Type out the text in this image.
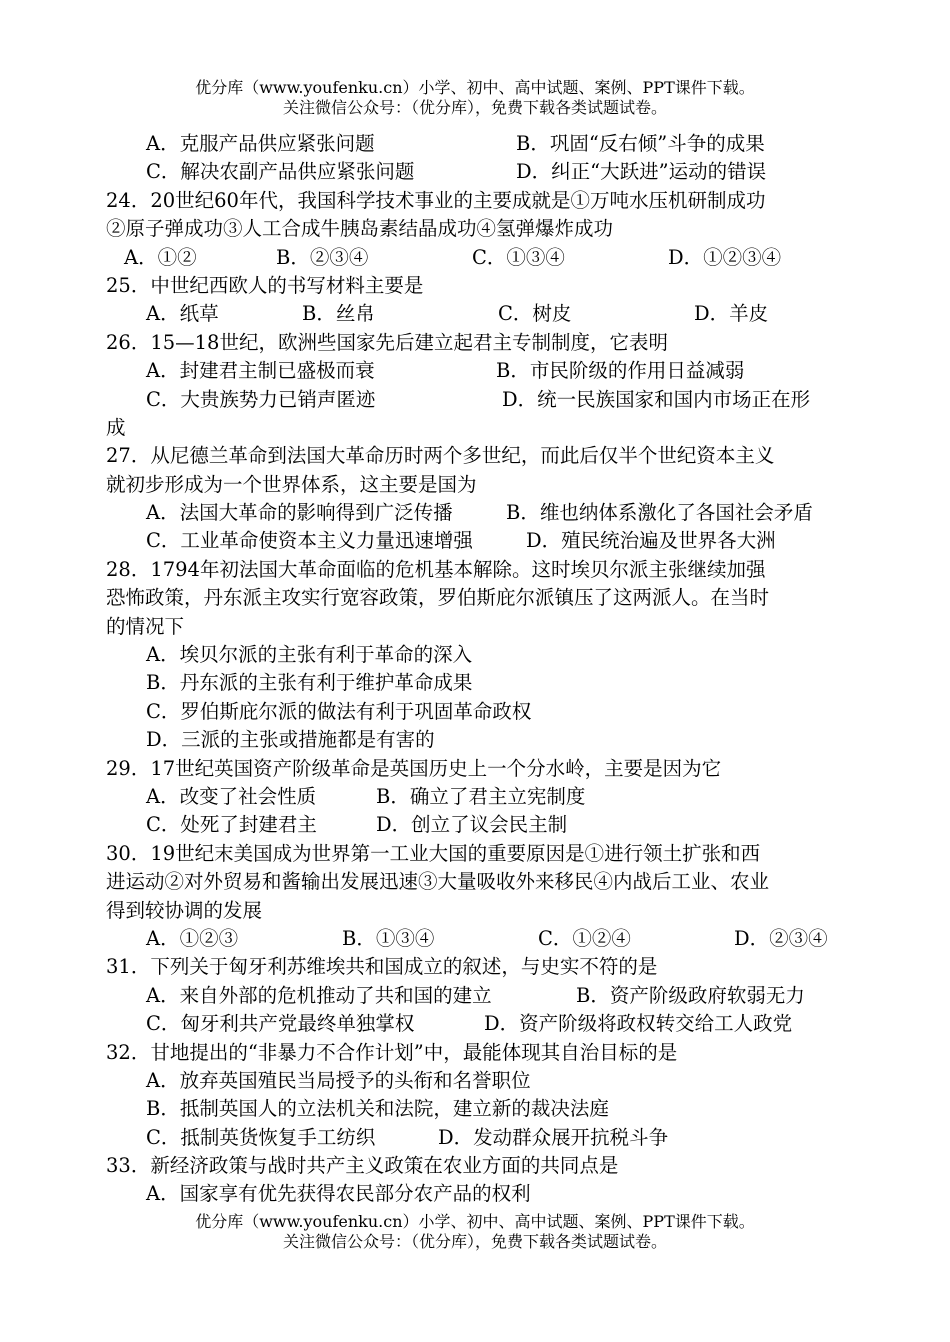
优分库（www.youfenku.cn）小学、初中、高中试题、案例、PPT课件下载。
关注微信公众号：（优分库），免费下载各类试题试卷。
A．克服产品供应紧张问题	B．巩固“反右倾”斗争的成果
C．解决农副产品供应紧张问题	D．纠正“大跃进”运动的错误
24．20世纪60年代，我国科学技术事业的主要成就是①万吨水压机研制成功
②原子弹成功③人工合成牛胰岛素结晶成功④氢弹爆炸成功
A．①②	B．②③④	C．①③④	D．①②③④
25．中世纪西欧人的书写材料主要是
A．纸草	B．丝帛	C．树皮	D．羊皮
26．15—18世纪，欧洲些国家先后建立起君主专制制度，它表明
A．封建君主制已盛极而衰	B．市民阶级的作用日益减弱
C．大贵族势力已销声匿迹	D．统一民族国家和国内市场正在形
成
27．从尼德兰革命到法国大革命历时两个多世纪，而此后仅半个世纪资本主义
就初步形成为一个世界体系，这主要是国为
A．法国大革命的影响得到广泛传播	B．维也纳体系激化了各国社会矛盾
C．工业革命使资本主义力量迅速增强	D．殖民统治遍及世界各大洲
28．1794年初法国大革命面临的危机基本解除。这时埃贝尔派主张继续加强
恐怖政策，丹东派主攻实行宽容政策，罗伯斯庇尔派镇压了这两派人。在当时
的情况下
A．埃贝尔派的主张有利于革命的深入
B．丹东派的主张有利于维护革命成果
C．罗伯斯庇尔派的做法有利于巩固革命政权
D．三派的主张或措施都是有害的
29．17世纪英国资产阶级革命是英国历史上一个分水岭，主要是因为它
A．改变了社会性质	B．确立了君主立宪制度
C．处死了封建君主	D．创立了议会民主制
30．19世纪末美国成为世界第一工业大国的重要原因是①进行领土扩张和西
进运动②对外贸易和酱输出发展迅速③大量吸收外来移民④内战后工业、农业
得到较协调的发展
A．①②③	B．①③④	C．①②④	D．②③④
31．下列关于匈牙利苏维埃共和国成立的叙述，与史实不符的是
A．来自外部的危机推动了共和国的建立	B．资产阶级政府软弱无力
C．匈牙利共产党最终单独掌权	D．资产阶级将政权转交给工人政党
32．甘地提出的“非暴力不合作计划”中，最能体现其自治目标的是
A．放弃英国殖民当局授予的头衔和名誉职位
B．抵制英国人的立法机关和法院，建立新的裁决法庭
C．抵制英货恢复手工纺织	D．发动群众展开抗税斗争
33．新经济政策与战时共产主义政策在农业方面的共同点是
A．国家享有优先获得农民部分农产品的权利
优分库（www.youfenku.cn）小学、初中、高中试题、案例、PPT课件下载。
关注微信公众号：（优分库），免费下载各类试题试卷。
